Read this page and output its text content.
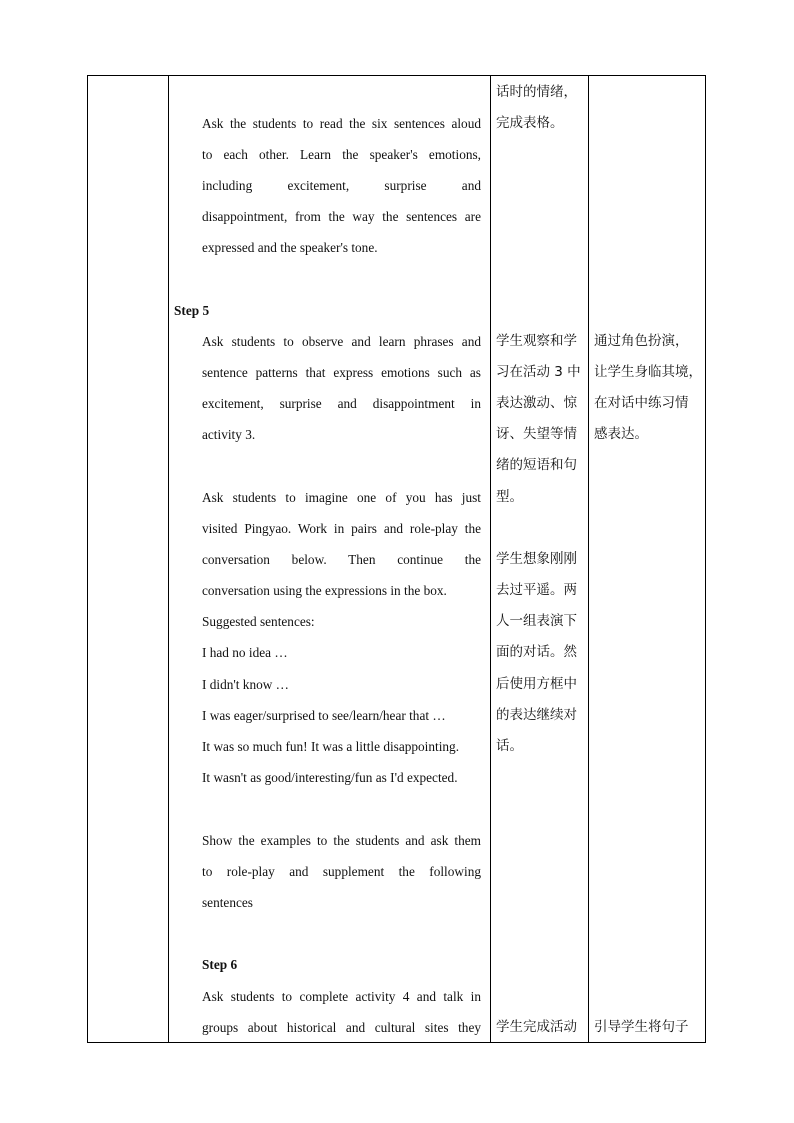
Ask the students to read the six sentences aloud
to each other. Learn the speaker's emotions,
including excitement, surprise and
disappointment, from the way the sentences are
expressed and the speaker's tone.
Step 5
Ask students to observe and learn phrases and
sentence patterns that express emotions such as
excitement, surprise and disappointment in
activity 3.
Ask students to imagine one of you has just
visited Pingyao. Work in pairs and role-play the
conversation below. Then continue the
conversation using the expressions in the box.
Suggested sentences:
I had no idea …
I didn't know …
I was eager/surprised to see/learn/hear that …
It was so much fun! It was a little disappointing.
It wasn't as good/interesting/fun as I'd expected.
Show the examples to the students and ask them
to role-play and supplement the following
sentences
Step 6
Ask students to complete activity 4 and talk in
groups about historical and cultural sites they
话时的情绪，
完成表格。
学生观察和学
习在活动 3 中
表达激动、惊
讶、失望等情
绪的短语和句
型。
学生想象刚刚
去过平遥。两
人一组表演下
面的对话。然
后使用方框中
的表达继续对
话。
学生完成活动
通过角色扮演，
让学生身临其境，
在对话中练习情
感表达。
引导学生将句子
